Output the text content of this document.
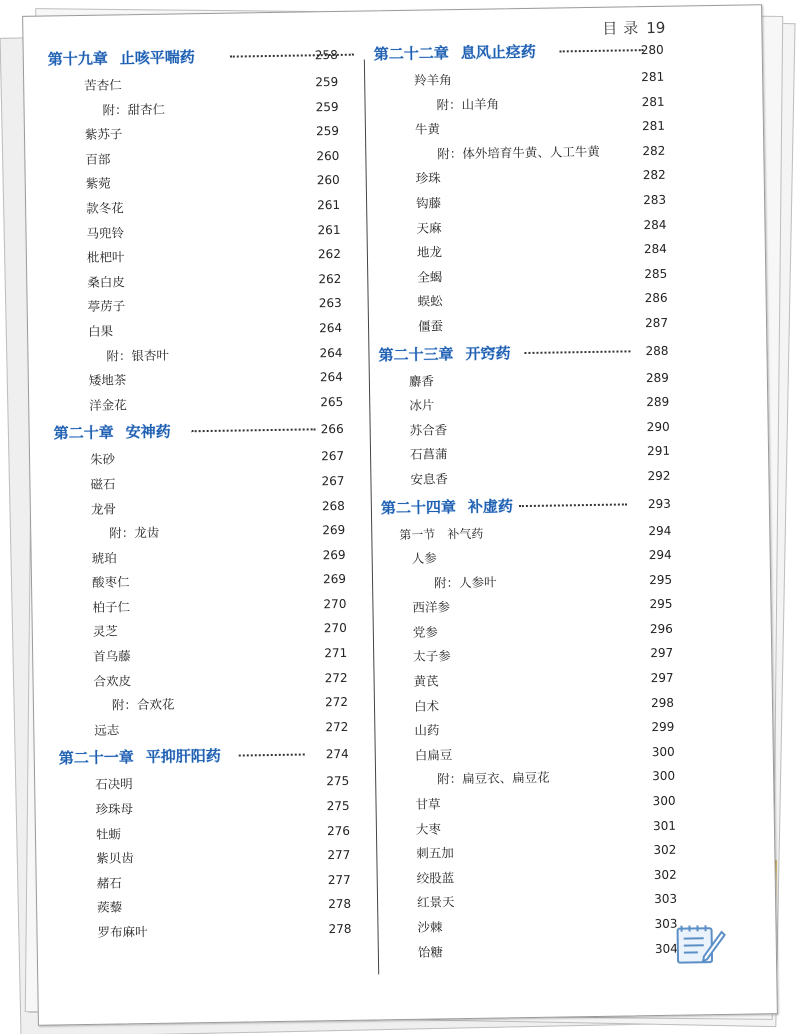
目录 19
第十九章 止咳平喘药	258
苦杏仁	259
附：甜杏仁	259
紫苏子	259
百部	260
紫菀	260
款冬花	261
马兜铃	261
枇杷叶	262
桑白皮	262
葶苈子	263
白果	264
附：银杏叶	264
矮地茶	264
洋金花	265
第二十章 安神药	266
朱砂	267
磁石	267
龙骨	268
附：龙齿	269
琥珀	269
酸枣仁	269
柏子仁	270
灵芝	270
首乌藤	271
合欢皮	272
附：合欢花	272
远志	272
第二十一章 平抑肝阳药	274
石决明	275
珍珠母	275
牡蛎	276
紫贝齿	277
赭石	277
蒺藜	278
罗布麻叶	278
第二十二章 息风止痉药	280
羚羊角	281
附：山羊角	281
牛黄	281
附：体外培育牛黄、人工牛黄	282
珍珠	282
钩藤	283
天麻	284
地龙	284
全蝎	285
蜈蚣	286
僵蚕	287
第二十三章 开窍药	288
麝香	289
冰片	289
苏合香	290
石菖蒲	291
安息香	292
第二十四章 补虚药	293
第一节　补气药	294
人参	294
附：人参叶	295
西洋参	295
党参	296
太子参	297
黄芪	297
白术	298
山药	299
白扁豆	300
附：扁豆衣、扁豆花	300
甘草	300
大枣	301
刺五加	302
绞股蓝	302
红景天	303
沙棘	303
饴糖	304
